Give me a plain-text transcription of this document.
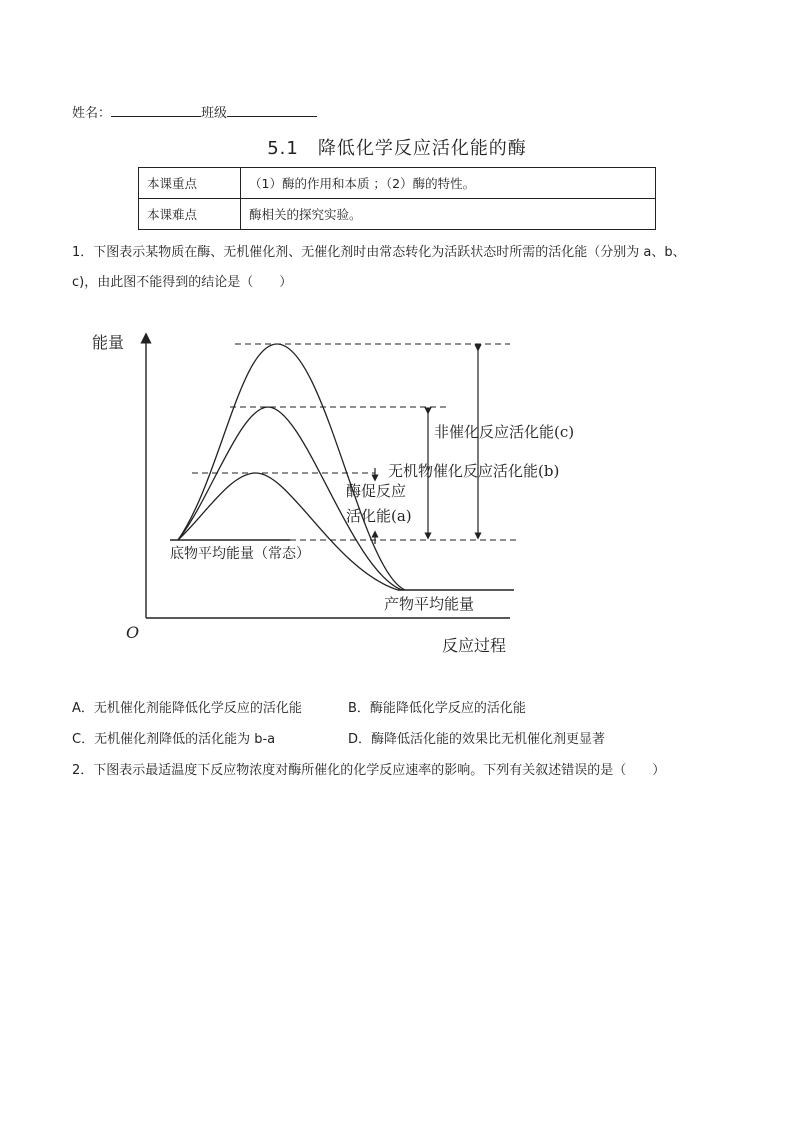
姓名：	班级
5.1　降低化学反应活化能的酶
本课重点	（1）酶的作用和本质 ；（2）酶的特性。
本课难点	酶相关的探究实验。
1．下图表示某物质在酶、无机催化剂、无催化剂时由常态转化为活跃状态时所需的活化能（分别为 a、b、
c)，由此图不能得到的结论是（　　）
能量
O
反应过程
非催化反应活化能(c)
无机物催化反应活化能(b)
酶促反应
活化能(a)
底物平均能量（常态）
产物平均能量
A．无机催化剂能降低化学反应的活化能	B．酶能降低化学反应的活化能
C．无机催化剂降低的活化能为 b-a	D．酶降低活化能的效果比无机催化剂更显著
2．下图表示最适温度下反应物浓度对酶所催化的化学反应速率的影响。下列有关叙述错误的是（　　）
